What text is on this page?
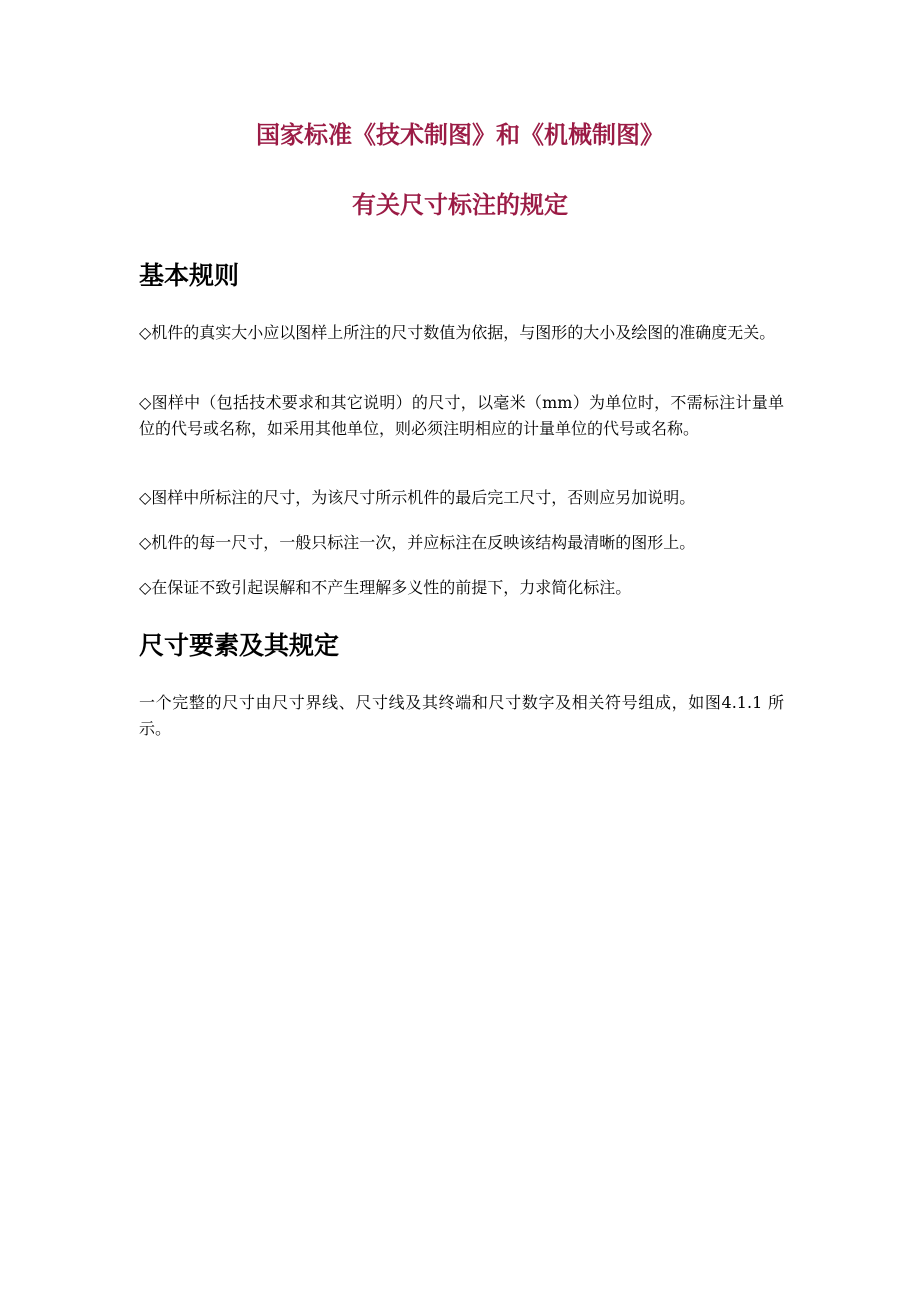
国家标准《技术制图》和《机械制图》
有关尺寸标注的规定
基本规则

◇机件的真实大小应以图样上所注的尺寸数值为依据，与图形的大小及绘图的准确度无关。

◇图样中（包括技术要求和其它说明）的尺寸，以毫米（mm）为单位时，不需标注计量单位的代号或名称，如采用其他单位，则必须注明相应的计量单位的代号或名称。

◇图样中所标注的尺寸，为该尺寸所示机件的最后完工尺寸，否则应另加说明。

◇机件的每一尺寸，一般只标注一次，并应标注在反映该结构最清晰的图形上。

◇在保证不致引起误解和不产生理解多义性的前提下，力求简化标注。

尺寸要素及其规定

一个完整的尺寸由尺寸界线、尺寸线及其终端和尺寸数字及相关符号组成，如图4.1.1 所示。
